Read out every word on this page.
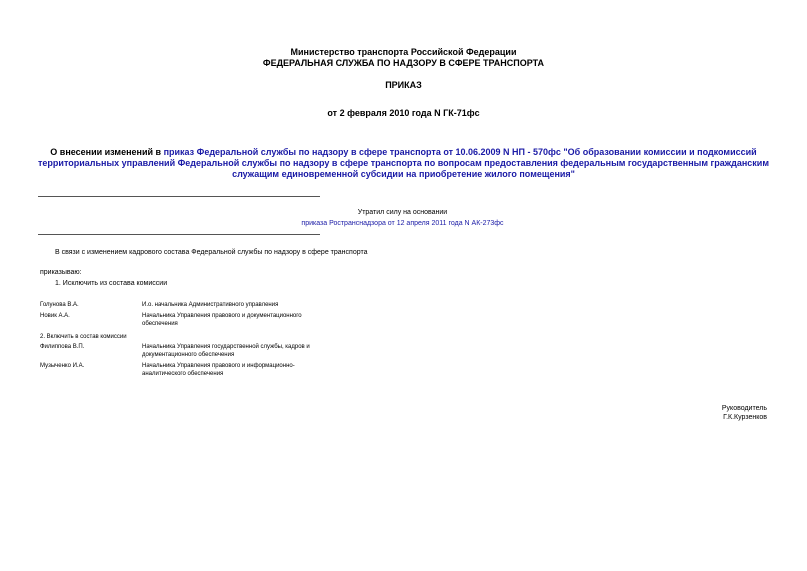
Министерство транспорта Российской Федерации
ФЕДЕРАЛЬНАЯ СЛУЖБА ПО НАДЗОРУ В СФЕРЕ ТРАНСПОРТА
ПРИКАЗ
от 2 февраля 2010 года N ГК-71фс
О внесении изменений в приказ Федеральной службы по надзору в сфере транспорта от 10.06.2009 N НП - 570фс "Об образовании комиссии и подкомиссий территориальных управлений Федеральной службы по надзору в сфере транспорта по вопросам предоставления федеральным государственным гражданским служащим единовременной субсидии на приобретение жилого помещения"
Утратил силу на основании
приказа Ространснадзора от 12 апреля 2011 года N АК-273фс
В связи с изменением кадрового состава Федеральной службы по надзору в сфере транспорта
приказываю:
1. Исключить из состава комиссии
Голунова В.А.	И.о. начальника Административного управления
Новик А.А.	Начальника Управления правового и документационного обеспечения
2. Включить в состав комиссии
Филиппова В.П.	Начальника Управления государственной службы, кадров и документационного обеспечения
Музыченко И.А.	Начальника Управления правового и информационно-аналитического обеспечения
Руководитель
Г.К.Курзенков
